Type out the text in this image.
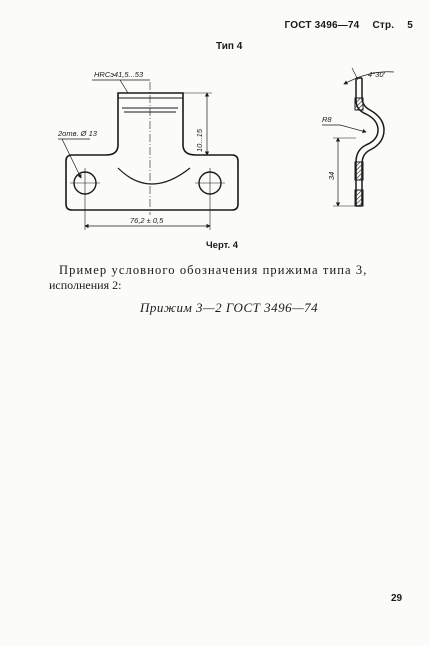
ГОСТ 3496—74 Стр. 5
Тип 4
HRCэ41,5...53
2отв. Ø 13	10...15
76,2 ± 0,5
4°30′
R8
34
Черт. 4
Пример условного обозначения прижима типа 3,
исполнения 2:
Прижим 3—2 ГОСТ 3496—74
29
